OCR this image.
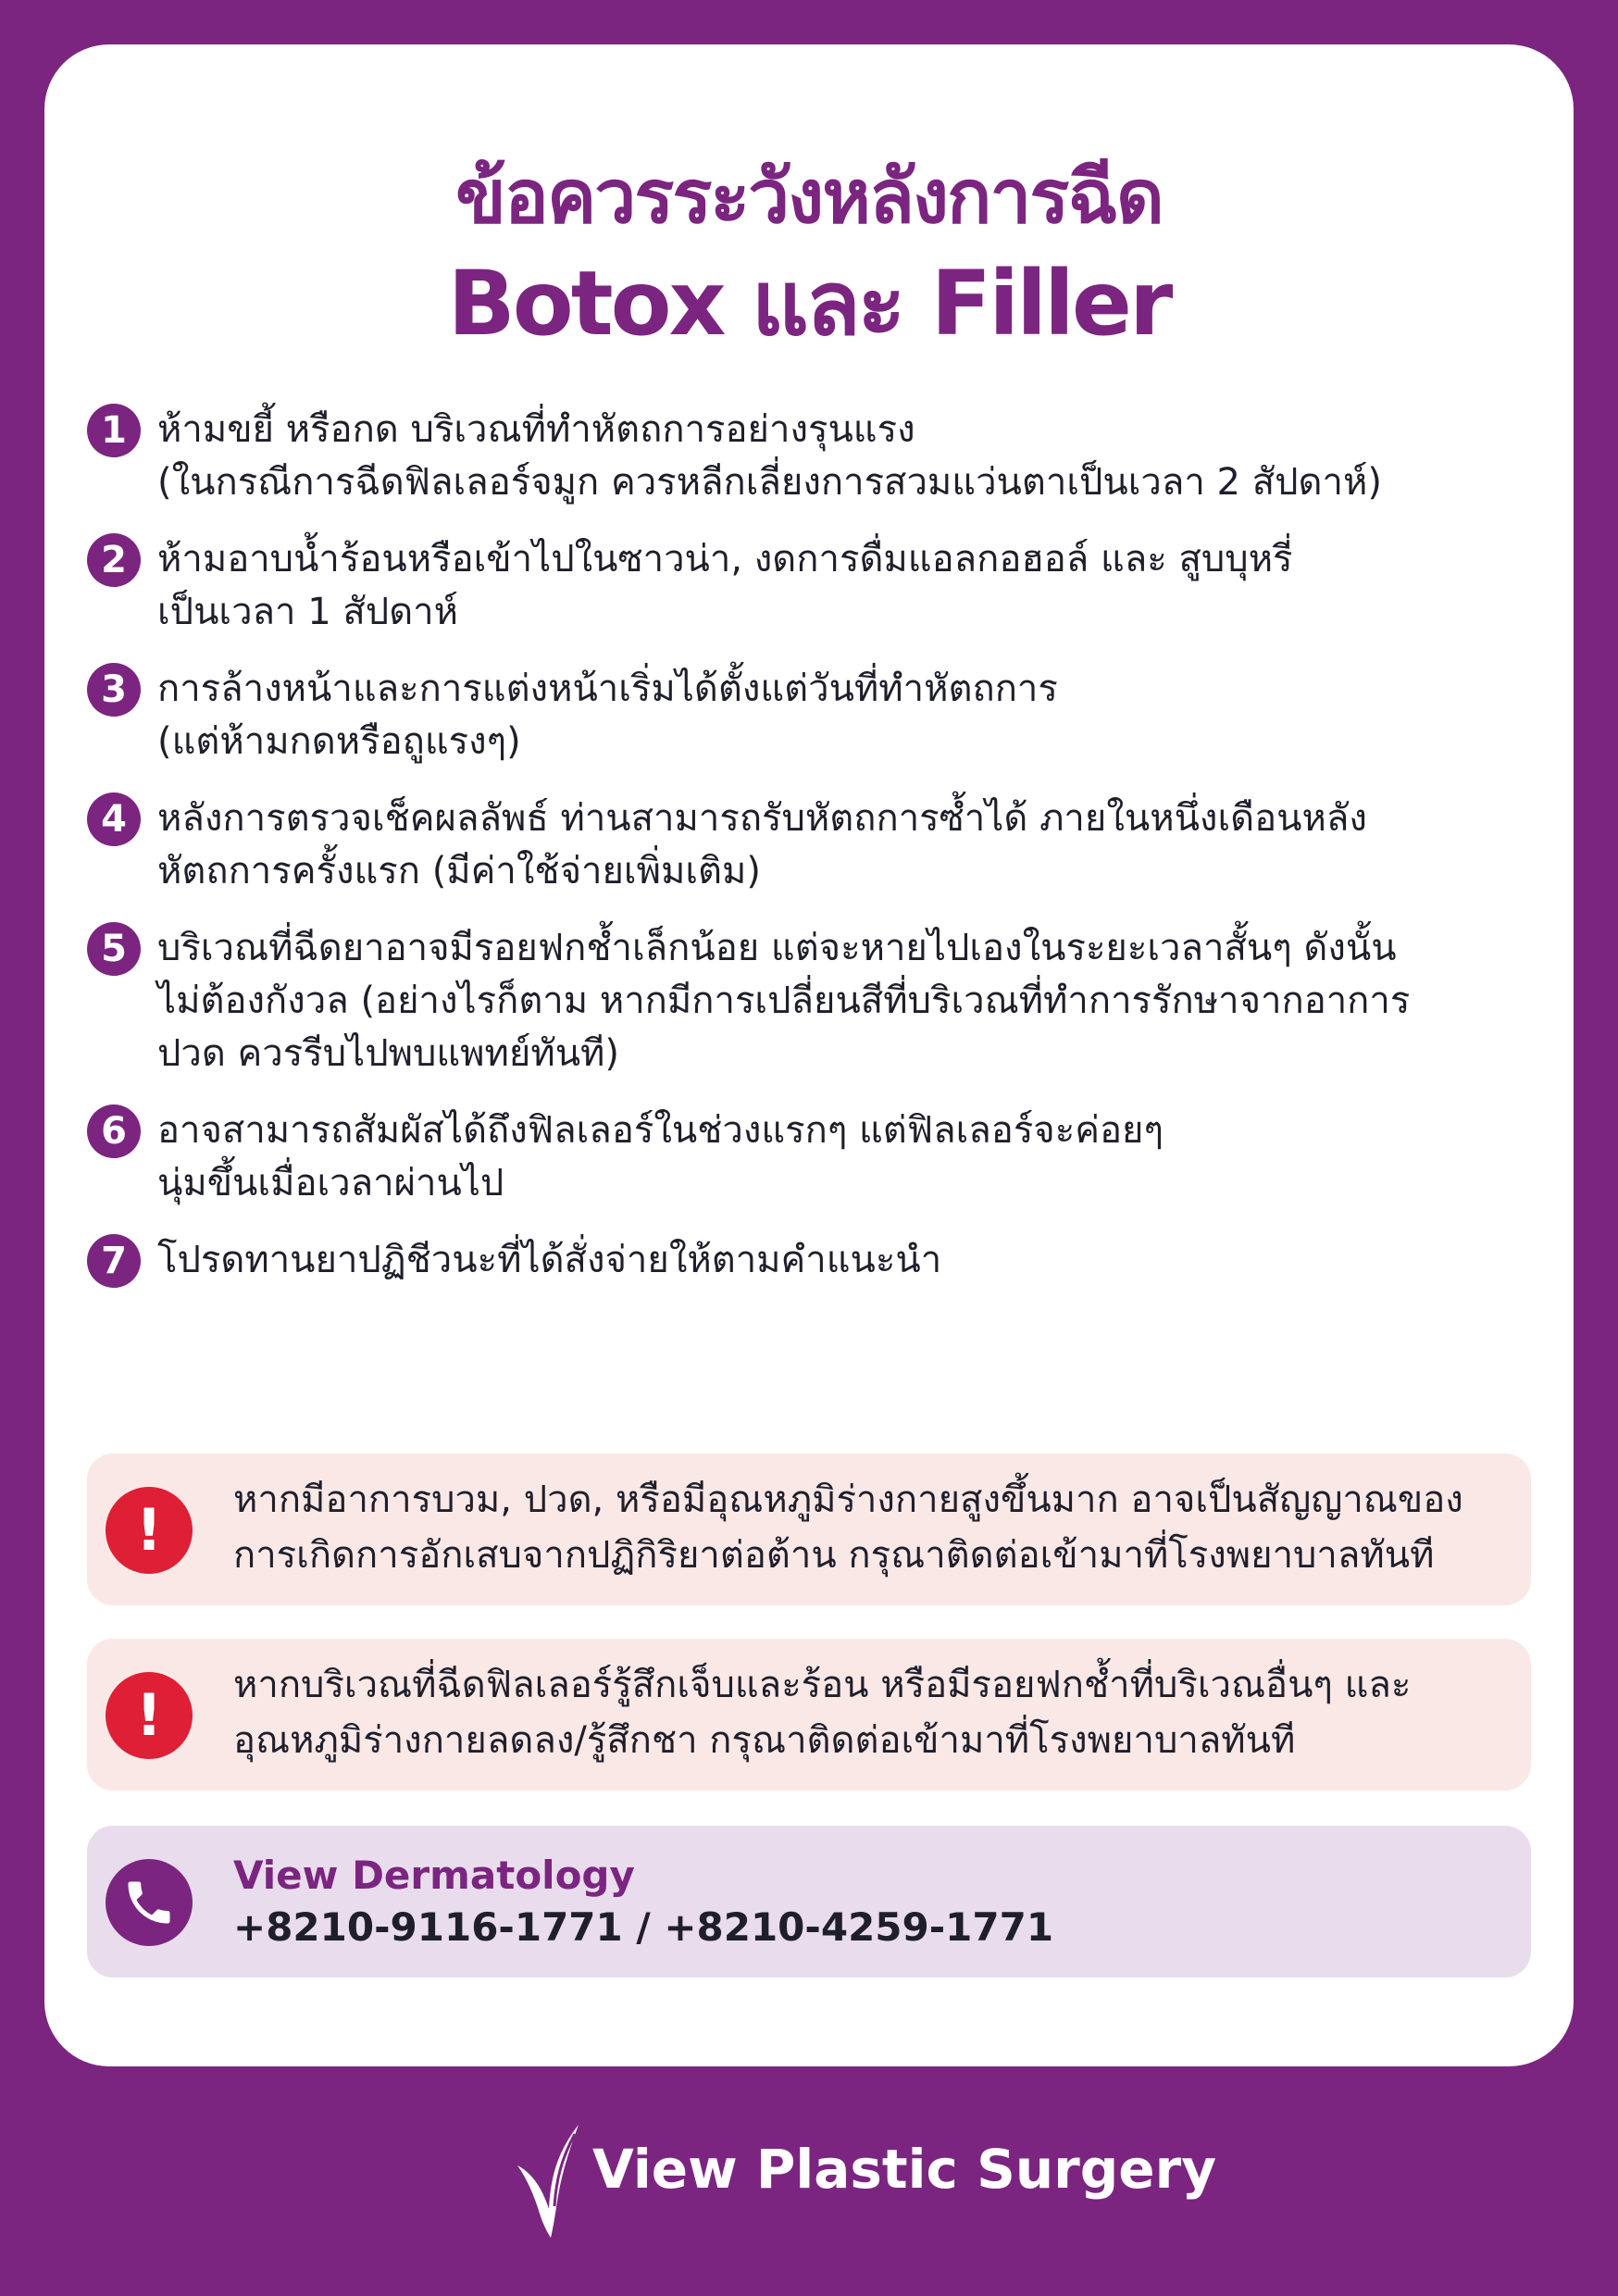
ข้อควรระวังหลังการฉีด
Botox และ Filler
1 ห้ามขยี้ หรือกด บริเวณที่ทำหัตถการอย่างรุนแรง
(ในกรณีการฉีดฟิลเลอร์จมูก ควรหลีกเลี่ยงการสวมแว่นตาเป็นเวลา 2 สัปดาห์)
2 ห้ามอาบน้ำร้อนหรือเข้าไปในซาวน่า, งดการดื่มแอลกอฮอล์ และ สูบบุหรี่
เป็นเวลา 1 สัปดาห์
3 การล้างหน้าและการแต่งหน้าเริ่มได้ตั้งแต่วันที่ทำหัตถการ
(แต่ห้ามกดหรือถูแรงๆ)
4 หลังการตรวจเช็คผลลัพธ์ ท่านสามารถรับหัตถการซ้ำได้ ภายในหนึ่งเดือนหลัง
หัตถการครั้งแรก (มีค่าใช้จ่ายเพิ่มเติม)
5 บริเวณที่ฉีดยาอาจมีรอยฟกช้ำเล็กน้อย แต่จะหายไปเองในระยะเวลาสั้นๆ ดังนั้น
ไม่ต้องกังวล (อย่างไรก็ตาม หากมีการเปลี่ยนสีที่บริเวณที่ทำการรักษาจากอาการ
ปวด ควรรีบไปพบแพทย์ทันที)
6 อาจสามารถสัมผัสได้ถึงฟิลเลอร์ในช่วงแรกๆ แต่ฟิลเลอร์จะค่อยๆ
นุ่มขึ้นเมื่อเวลาผ่านไป
7 โปรดทานยาปฏิชีวนะที่ได้สั่งจ่ายให้ตามคำแนะนำ
!	หากมีอาการบวม, ปวด, หรือมีอุณหภูมิร่างกายสูงขึ้นมาก อาจเป็นสัญญาณของ
การเกิดการอักเสบจากปฏิกิริยาต่อต้าน กรุณาติดต่อเข้ามาที่โรงพยาบาลทันที
!	หากบริเวณที่ฉีดฟิลเลอร์รู้สึกเจ็บและร้อน หรือมีรอยฟกช้ำที่บริเวณอื่นๆ และ
อุณหภูมิร่างกายลดลง/รู้สึกชา กรุณาติดต่อเข้ามาที่โรงพยาบาลทันที
View Dermatology
+8210-9116-1771 / +8210-4259-1771
View Plastic Surgery
